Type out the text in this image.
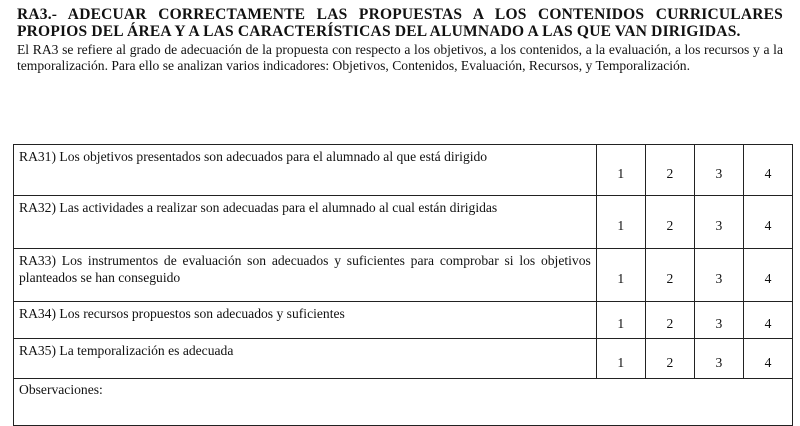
RA3.- ADECUAR CORRECTAMENTE LAS PROPUESTAS A LOS CONTENIDOS CURRICULARES PROPIOS DEL ÁREA Y A LAS CARACTERÍSTICAS DEL ALUMNADO A LAS QUE VAN DIRIGIDAS.

El RA3 se refiere al grado de adecuación de la propuesta con respecto a los objetivos, a los contenidos, a la evaluación, a los recursos y a la temporalización. Para ello se analizan varios indicadores: Objetivos, Contenidos, Evaluación, Recursos, y Temporalización.

RA31) Los objetivos presentados son adecuados para el alumnado al que está dirigido	1	2	3	4
RA32) Las actividades a realizar son adecuadas para el alumnado al cual están dirigidas	1	2	3	4
RA33) Los instrumentos de evaluación son adecuados y suficientes para comprobar si los objetivos planteados se han conseguido	1	2	3	4
RA34) Los recursos propuestos son adecuados y suficientes	1	2	3	4
RA35) La temporalización es adecuada	1	2	3	4
Observaciones:				
